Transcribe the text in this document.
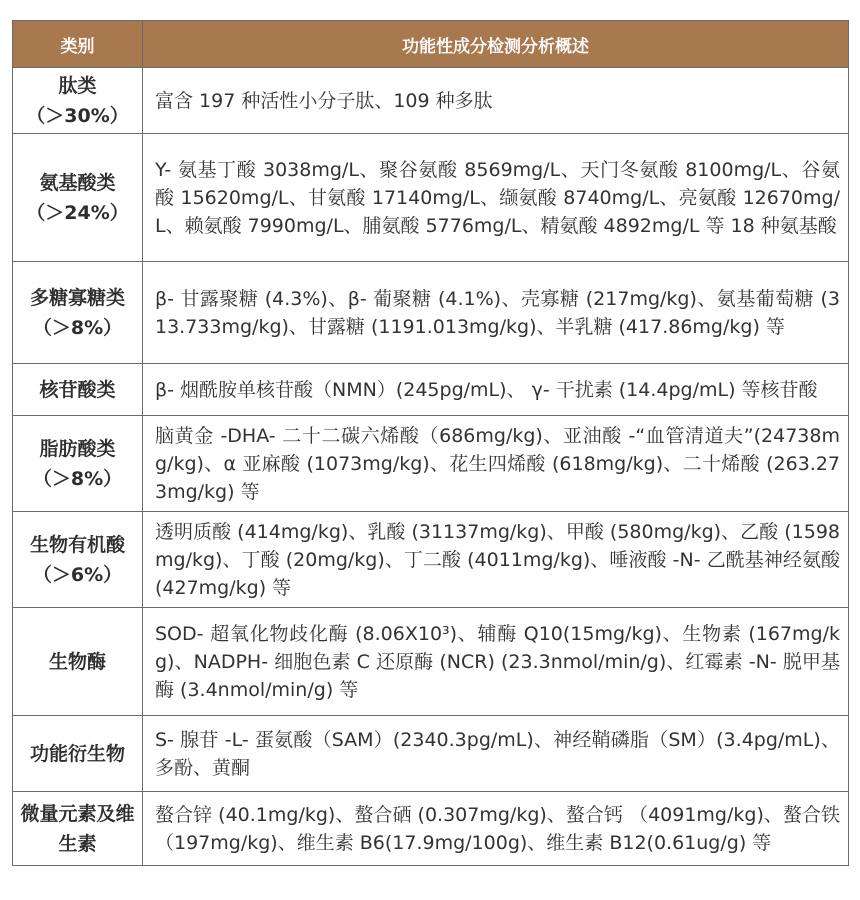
类别	功能性成分检测分析概述

肽类
（＞30%）	富含 197 种活性小分子肽、109 种多肽

氨基酸类
（＞24%）	Y- 氨基丁酸 3038mg/L、聚谷氨酸 8569mg/L、天门冬氨酸 8100mg/L、谷氨酸 15620mg/L、甘氨酸 17140mg/L、缬氨酸 8740mg/L、亮氨酸 12670mg/L、赖氨酸 7990mg/L、脯氨酸 5776mg/L、精氨酸 4892mg/L 等 18 种氨基酸

多糖寡糖类
（＞8%）	β- 甘露聚糖 (4.3%)、β- 葡聚糖 (4.1%)、壳寡糖 (217mg/kg)、氨基葡萄糖 (313.733mg/kg)、甘露糖 (1191.013mg/kg)、半乳糖 (417.86mg/kg) 等

核苷酸类	β- 烟酰胺单核苷酸（NMN）(245pg/mL)、 γ- 干扰素 (14.4pg/mL) 等核苷酸

脂肪酸类
（＞8%）	脑黄金 -DHA- 二十二碳六烯酸（686mg/kg)、亚油酸 -“血管清道夫”(24738mg/kg)、α 亚麻酸 (1073mg/kg)、花生四烯酸 (618mg/kg)、二十烯酸 (263.273mg/kg) 等

生物有机酸
（＞6%）	透明质酸 (414mg/kg)、乳酸 (31137mg/kg)、甲酸 (580mg/kg)、乙酸 (1598mg/kg)、丁酸 (20mg/kg)、丁二酸 (4011mg/kg)、唾液酸 -N- 乙酰基神经氨酸 (427mg/kg) 等

生物酶	SOD- 超氧化物歧化酶 (8.06X10³)、辅酶 Q10(15mg/kg)、生物素 (167mg/kg)、NADPH- 细胞色素 C 还原酶 (NCR) (23.3nmol/min/g)、红霉素 -N- 脱甲基酶 (3.4nmol/min/g) 等

功能衍生物	S- 腺苷 -L- 蛋氨酸（SAM）(2340.3pg/mL)、神经鞘磷脂（SM）(3.4pg/mL)、多酚、黄酮

微量元素及维生素	螯合锌 (40.1mg/kg)、螯合硒 (0.307mg/kg)、螯合钙 （4091mg/kg)、螯合铁 （197mg/kg)、维生素 B6(17.9mg/100g)、维生素 B12(0.61ug/g) 等
